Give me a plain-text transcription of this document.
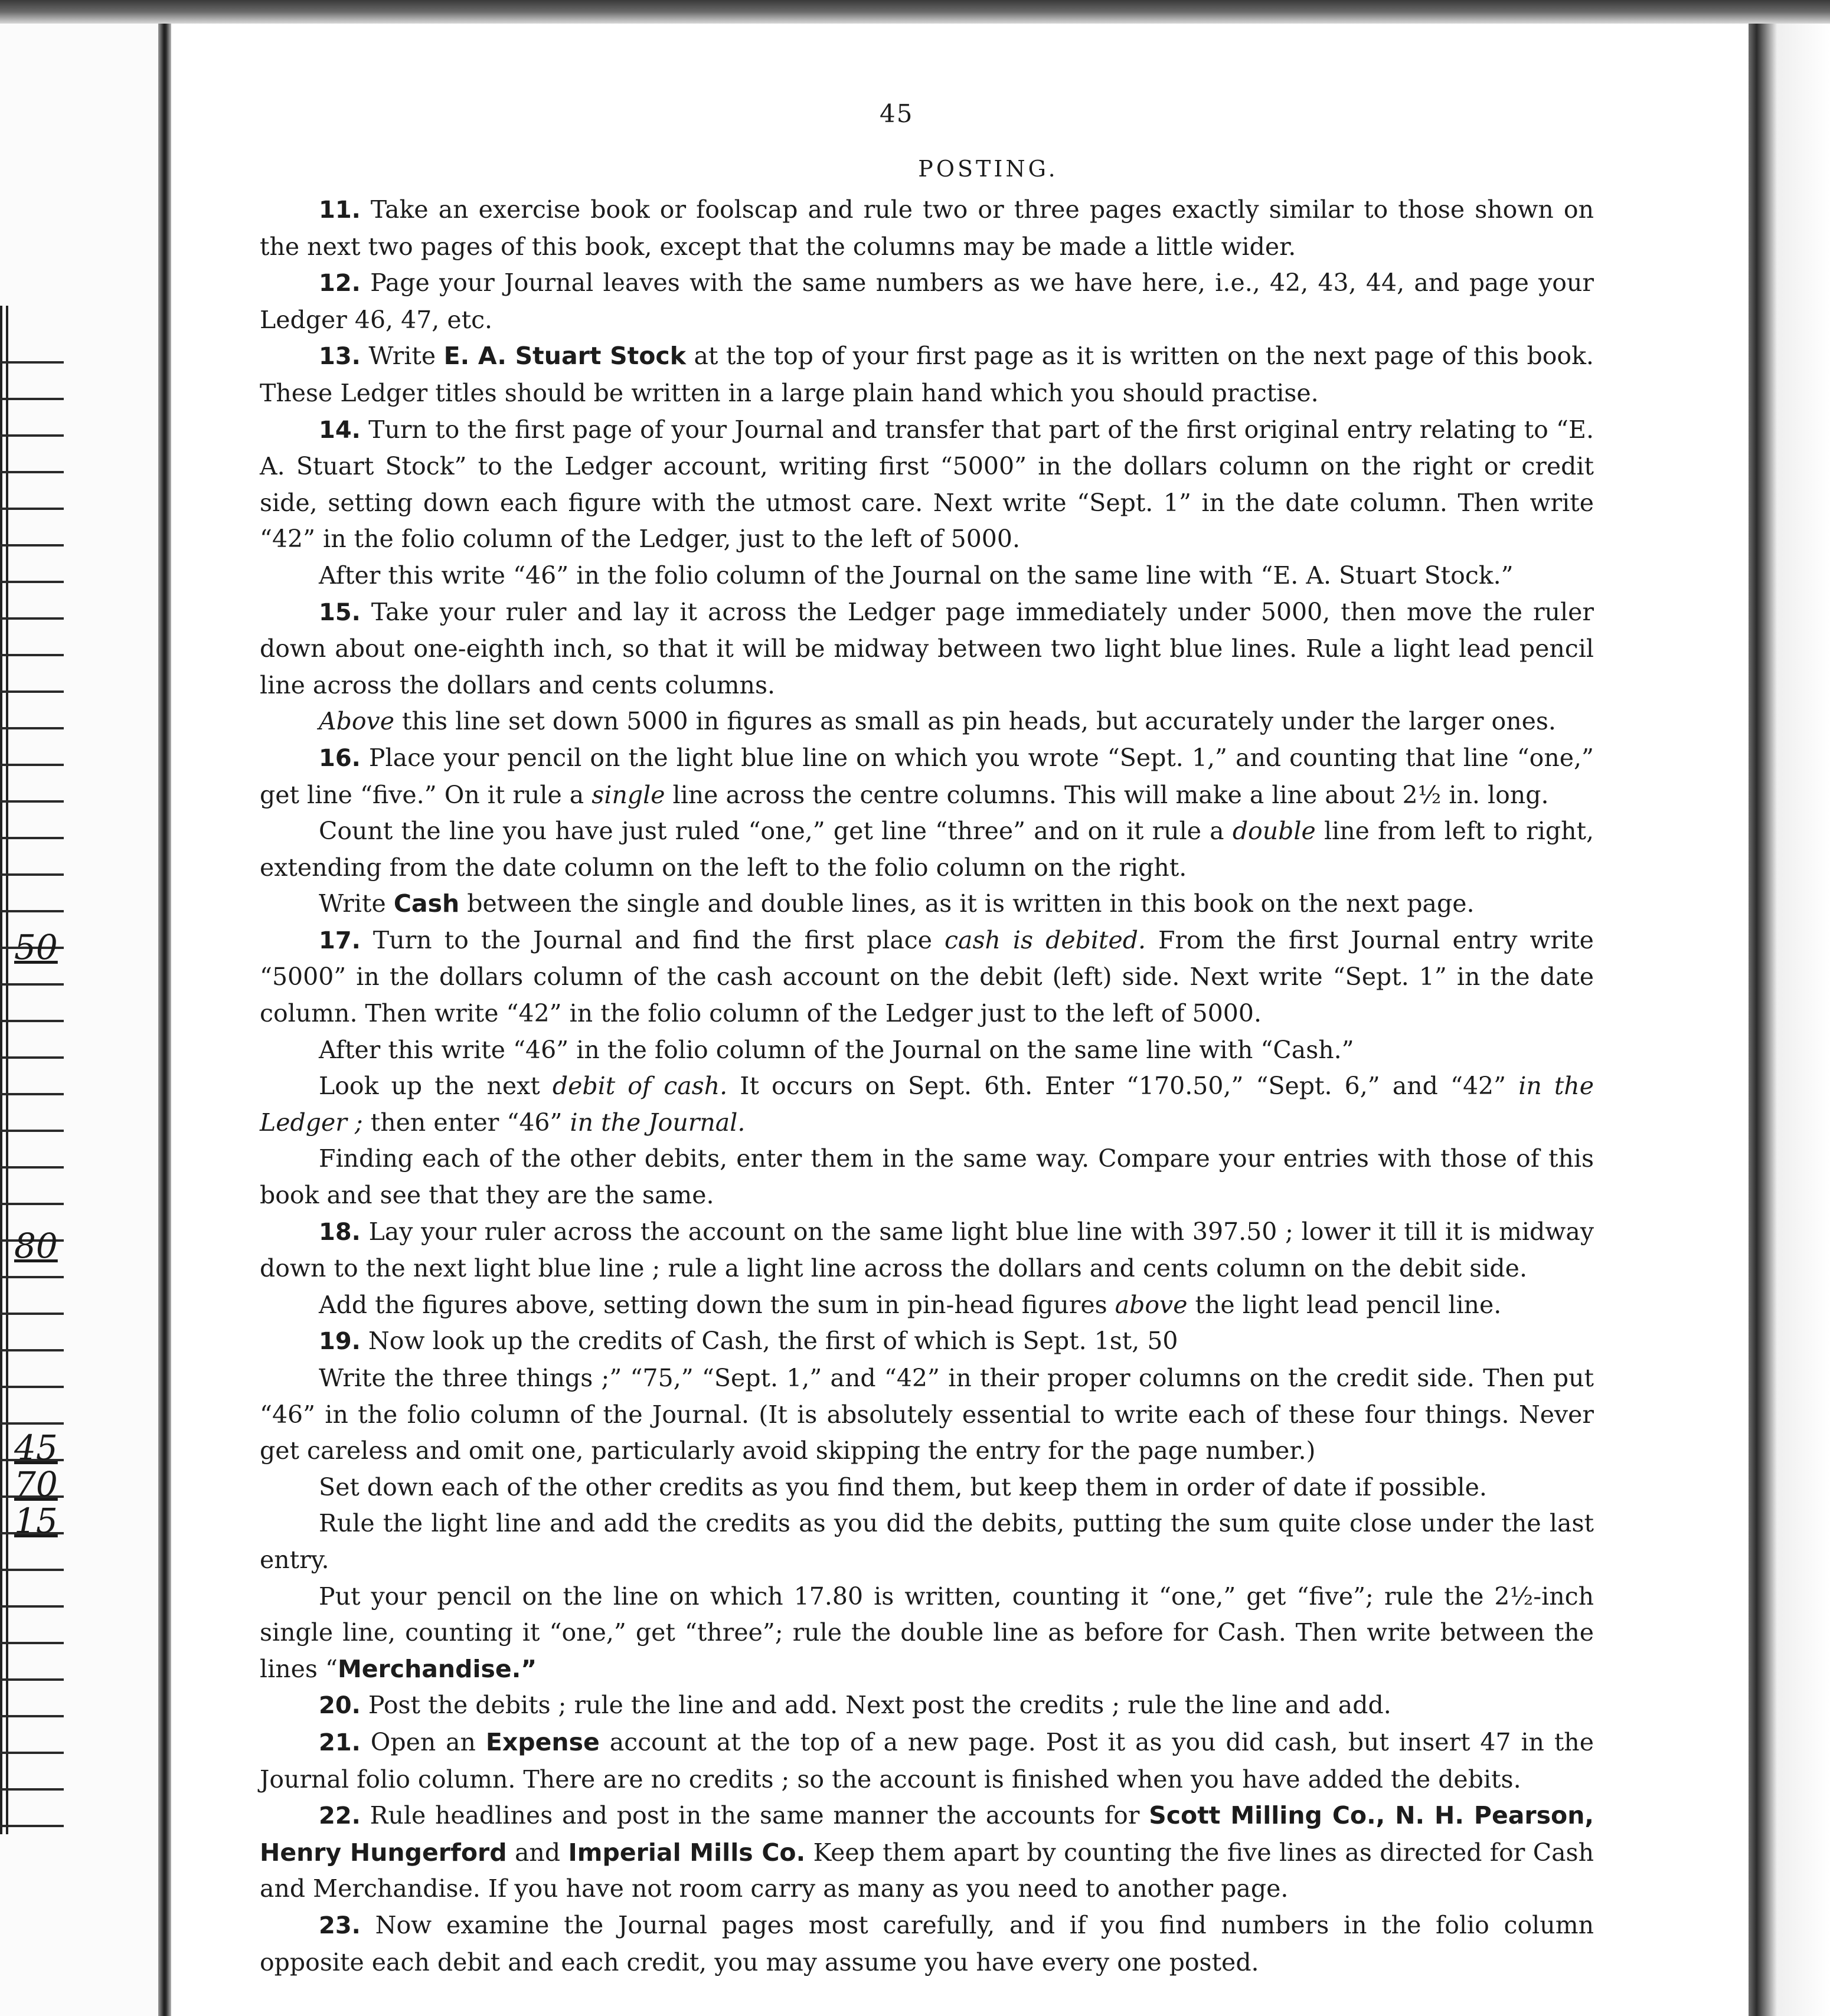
50
80
45
70
15
45
POSTING.

11. Take an exercise book or foolscap and rule two or three pages exactly similar to those shown on the next two pages of this book, except that the columns may be made a little wider.

12. Page your Journal leaves with the same numbers as we have here, i.e., 42, 43, 44, and page your Ledger 46, 47, etc.

13. Write E. A. Stuart Stock at the top of your first page as it is written on the next page of this book. These Ledger titles should be written in a large plain hand which you should practise.

14. Turn to the first page of your Journal and transfer that part of the first original entry relating to “E. A. Stuart Stock” to the Ledger account, writing first “5000” in the dollars column on the right or credit side, setting down each figure with the utmost care. Next write “Sept. 1” in the date column. Then write “42” in the folio column of the Ledger, just to the left of 5000.

After this write “46” in the folio column of the Journal on the same line with “E. A. Stuart Stock.”

15. Take your ruler and lay it across the Ledger page immediately under 5000, then move the ruler down about one-eighth inch, so that it will be midway between two light blue lines. Rule a light lead pencil line across the dollars and cents columns.

Above this line set down 5000 in figures as small as pin heads, but accurately under the larger ones.

16. Place your pencil on the light blue line on which you wrote “Sept. 1,” and counting that line “one,” get line “five.” On it rule a single line across the centre columns. This will make a line about 2½ in. long.

Count the line you have just ruled “one,” get line “three” and on it rule a double line from left to right, extending from the date column on the left to the folio column on the right.

Write Cash between the single and double lines, as it is written in this book on the next page.

17. Turn to the Journal and find the first place cash is debited. From the first Journal entry write “5000” in the dollars column of the cash account on the debit (left) side. Next write “Sept. 1” in the date column. Then write “42” in the folio column of the Ledger just to the left of 5000.

After this write “46” in the folio column of the Journal on the same line with “Cash.”

Look up the next debit of cash. It occurs on Sept. 6th. Enter “170.50,” “Sept. 6,” and “42” in the Ledger ; then enter “46” in the Journal.

Finding each of the other debits, enter them in the same way. Compare your entries with those of this book and see that they are the same.

18. Lay your ruler across the account on the same light blue line with 397.50 ; lower it till it is midway down to the next light blue line ; rule a light line across the dollars and cents column on the debit side.

Add the figures above, setting down the sum in pin-head figures above the light lead pencil line.

19. Now look up the credits of Cash, the first of which is Sept. 1st, 50

Write the three things ;” “75,” “Sept. 1,” and “42” in their proper columns on the credit side. Then put “46” in the folio column of the Journal. (It is absolutely essential to write each of these four things. Never get careless and omit one, particularly avoid skipping the entry for the page number.)

Set down each of the other credits as you find them, but keep them in order of date if possible.

Rule the light line and add the credits as you did the debits, putting the sum quite close under the last entry.

Put your pencil on the line on which 17.80 is written, counting it “one,” get “five”; rule the 2½-inch single line, counting it “one,” get “three”; rule the double line as before for Cash. Then write between the lines “Merchandise.”

20. Post the debits ; rule the line and add. Next post the credits ; rule the line and add.

21. Open an Expense account at the top of a new page. Post it as you did cash, but insert 47 in the Journal folio column. There are no credits ; so the account is finished when you have added the debits.

22. Rule headlines and post in the same manner the accounts for Scott Milling Co., N. H. Pearson, Henry Hungerford and Imperial Mills Co. Keep them apart by counting the five lines as directed for Cash and Merchandise. If you have not room carry as many as you need to another page.

23. Now examine the Journal pages most carefully, and if you find numbers in the folio column opposite each debit and each credit, you may assume you have every one posted.
